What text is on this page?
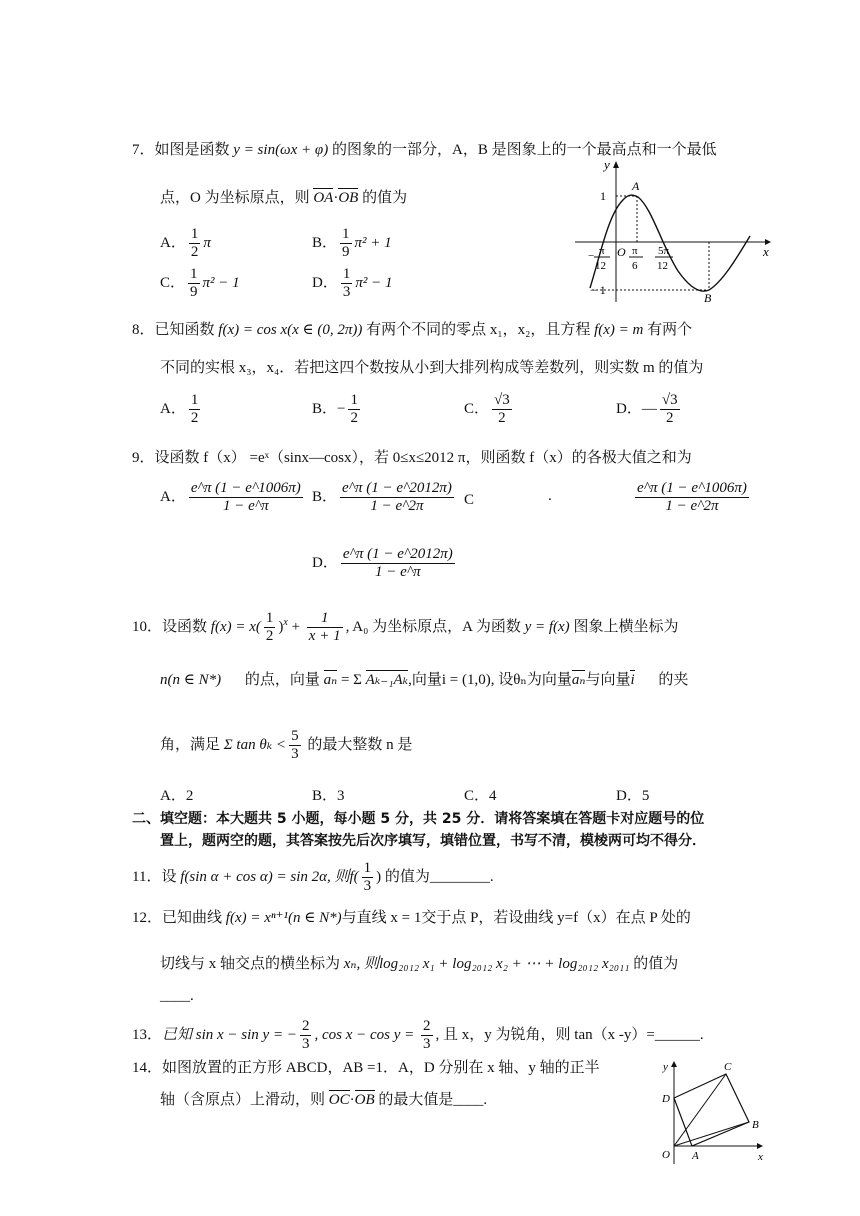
7．如图是函数 y = sin(ωx + φ) 的图象的一部分，A，B 是图象上的一个最高点和一个最低
点，O 为坐标原点，则 OA·OB 的值为
A． $\frac{1}{2}$ π	B． $\frac{1}{9} \pi^2 + 1$
C． $\frac{1}{9} \pi^2 - 1$	D． $\frac{1}{3} \pi^2 - 1$
y
x
1
− 1
A
B
O
− π
12
π
6
5π
12
8．已知函数 f(x) = cos x(x ∈ (0, 2π)) 有两个不同的零点 x₁，x₂，且方程 f(x) = m 有两个
不同的实根 x₃，x₄．若把这四个数按从小到大排列构成等差数列，则实数 m 的值为
A． $\frac{1}{2}$	B．− $\frac{1}{2}$	C． $\frac{√3}{2}$	D．— $\frac{√3}{2}$
9．设函数 f（x） =eˣ（sinx—cosx），若 0≤x≤2012 π，则函数 f（x）的各极大值之和为
A． $\frac{e\^{}\pi (1 - e\^{}1006\pi)}{1 - e\^{}\pi}$ B． $\frac{e\^{}\pi (1 - e\^{}2012\pi)}{1 - e\^{}2\pi}$ C	.	$\frac{e\^{}\pi (1 - e\^{}1006\pi)}{1 - e\^{}2\pi}$
D． $\frac{e\^{}\pi (1 - e\^{}2012\pi)}{1 - e\^{}\pi}$
10．设函数 $f(x) = x( \frac{1}{2} )^x + \frac{1}{x + 1}$ , A₀ 为坐标原点，A 为函数 y = f(x) 图象上横坐标为
n(n ∈ N*) 的点，向量 aₙ = Σ Aₖ₋₁Aₖ,向量i = (1,0), 设θₙ为向量aₙ与向量i 的夹
角，满足 Σ $\tan \theta_k < \frac{5}{3}$ 的最大整数 n 是
A．2	B．3	C．4	D．5
二、填空题：本大题共 5 小题，每小题 5 分，共 25 分．请将答案填在答题卡对应题号的位
置上，题两空的题，其答案按先后次序填写，填错位置，书写不清，模棱两可均不得分．
11．设 f(sin α + cos α) = sin 2α, 则$f( \frac{1}{3}$ ) 的值为________.
12．已知曲线 f(x) = xⁿ⁺¹(n ∈ N*)与直线 x = 1交于点 P，若设曲线 y=f（x）在点 P 处的
切线与 x 轴交点的横坐标为 xₙ, 则log₂₀₁₂ x₁ + log₂₀₁₂ x₂ + ⋯ + log₂₀₁₂ x₂₀₁₁ 的值为
____.
13．已知 sin x − sin y = − $\frac{2}{3}$ , $\cos x - \cos y = \frac{2}{3}$ , 且 x，y 为锐角，则 tan（x -y）=______.
14．如图放置的正方形 ABCD，AB =1．A，D 分别在 x 轴、y 轴的正半
轴（含原点）上滑动，则 OC·OB 的最大值是____.
y
x
O A
B
C
D
